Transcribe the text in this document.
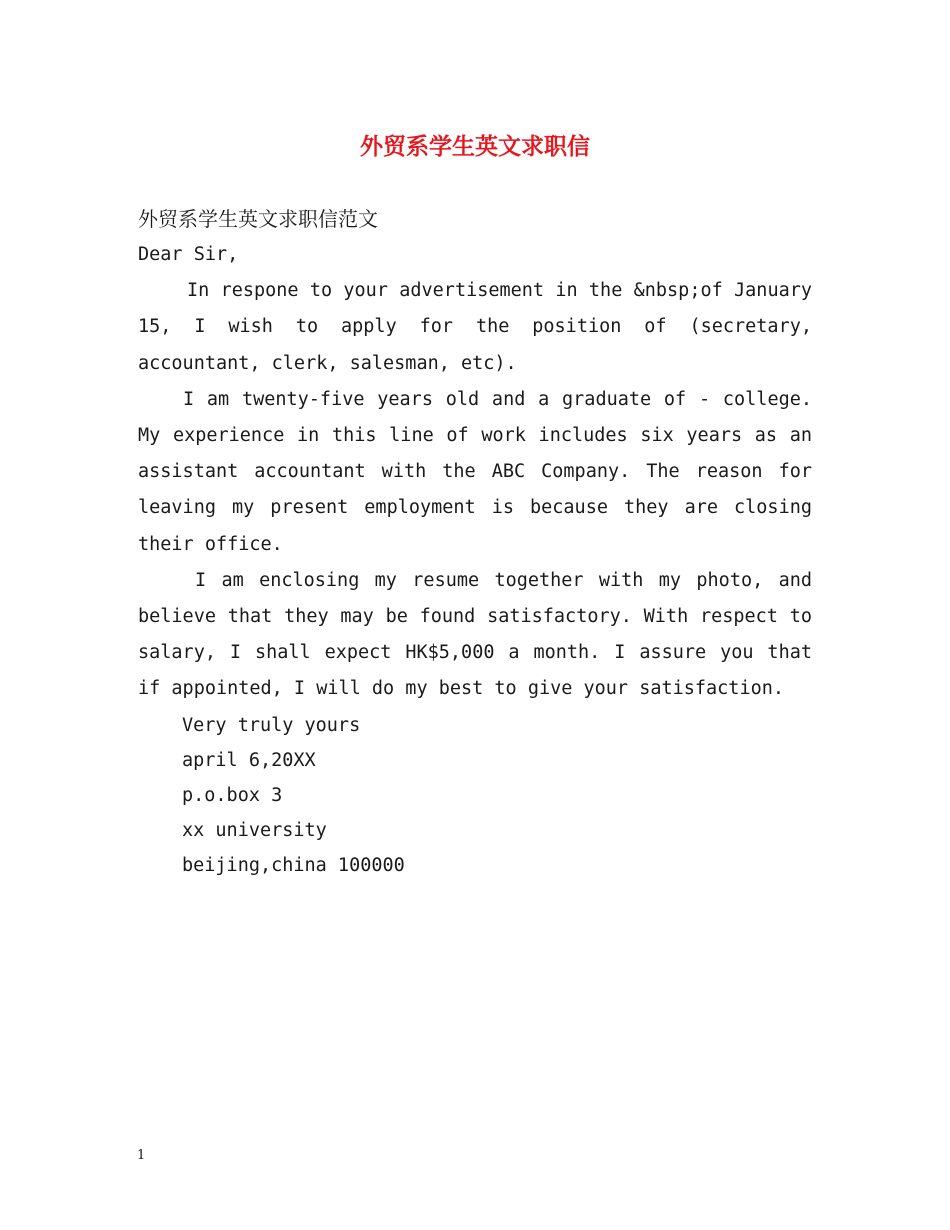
外贸系学生英文求职信
外贸系学生英文求职信范文
Dear Sir,

In respone to your advertisement in the &nbsp;of January 15, I wish to apply for the position of (secretary, accountant, clerk, salesman, etc).

I am twenty-five years old and a graduate of - college. My experience in this line of work includes six years as an assistant accountant with the ABC Company. The reason for leaving my present employment is because they are closing their office.

I am enclosing my resume together with my photo, and believe that they may be found satisfactory. With respect to salary, I shall expect HK$5,000 a month. I assure you that if appointed, I will do my best to give your satisfaction.

Very truly yours
april 6,20XX
p.o.box 3
xx university
beijing,china 100000
1
